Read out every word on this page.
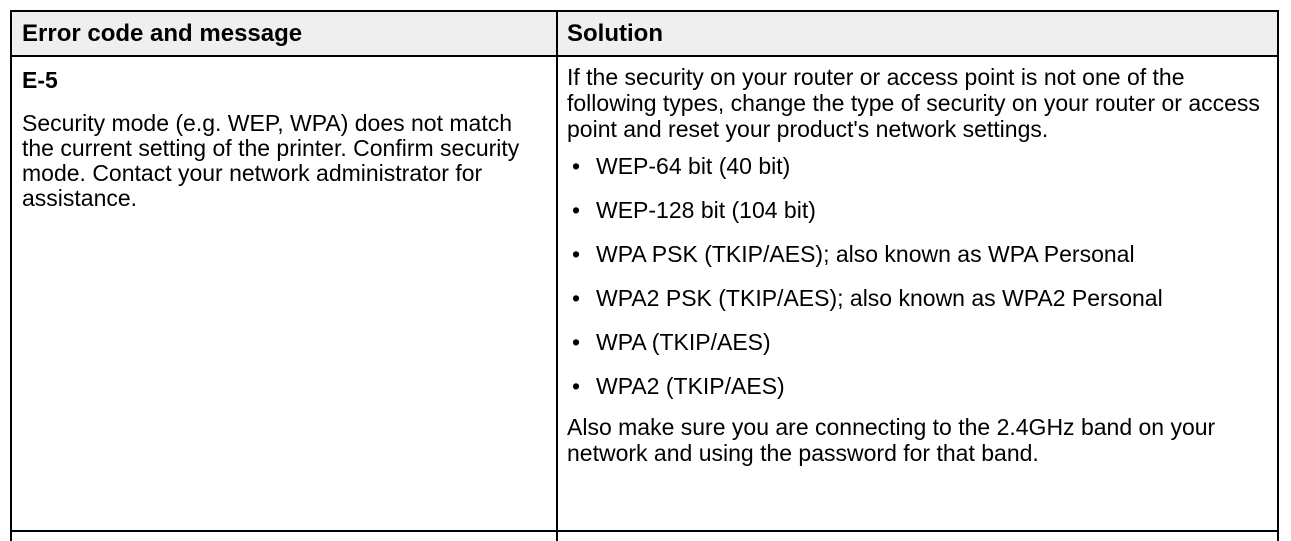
Error code and message	Solution
E-5
Security mode (e.g. WEP, WPA) does not match the current setting of the printer. Confirm security mode. Contact your network administrator for assistance.
If the security on your router or access point is not one of the following types, change the type of security on your router or access point and reset your product's network settings.
• WEP-64 bit (40 bit)
• WEP-128 bit (104 bit)
• WPA PSK (TKIP/AES); also known as WPA Personal
• WPA2 PSK (TKIP/AES); also known as WPA2 Personal
• WPA (TKIP/AES)
• WPA2 (TKIP/AES)
Also make sure you are connecting to the 2.4GHz band on your network and using the password for that band.
